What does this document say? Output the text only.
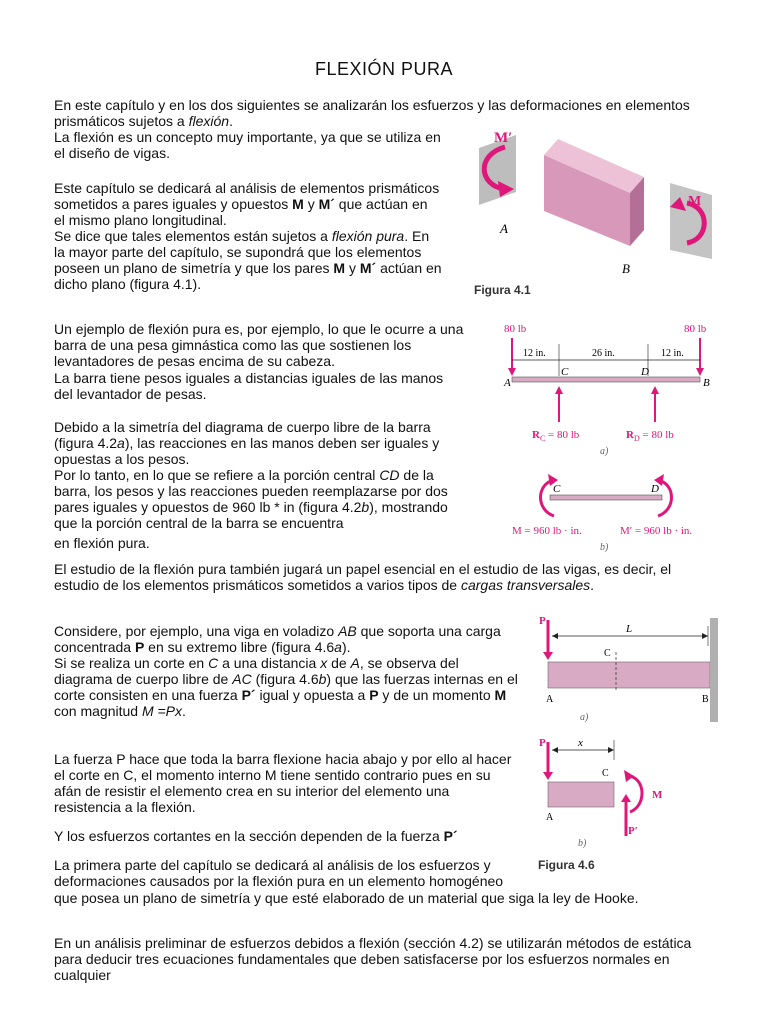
FLEXIÓN PURA

En este capítulo y en los dos siguientes se analizarán los esfuerzos y las deformaciones en elementos prismáticos sujetos a flexión.

La flexión es un concepto muy importante, ya que se utiliza en el diseño de vigas.

Este capítulo se dedicará al análisis de elementos prismáticos sometidos a pares iguales y opuestos M y M´ que actúan en el mismo plano longitudinal.

Se dice que tales elementos están sujetos a flexión pura. En la mayor parte del capítulo, se supondrá que los elementos poseen un plano de simetría y que los pares M y M´ actúan en dicho plano (figura 4.1).

Un ejemplo de flexión pura es, por ejemplo, lo que le ocurre a una barra de una pesa gimnástica como las que sostienen los levantadores de pesas encima de su cabeza.

La barra tiene pesos iguales a distancias iguales de las manos del levantador de pesas.

Debido a la simetría del diagrama de cuerpo libre de la barra (figura 4.2a), las reacciones en las manos deben ser iguales y opuestas a los pesos.

Por lo tanto, en lo que se refiere a la porción central CD de la barra, los pesos y las reacciones pueden reemplazarse por dos pares iguales y opuestos de 960 lb * in (figura 4.2b), mostrando que la porción central de la barra se encuentra

en flexión pura.

El estudio de la flexión pura también jugará un papel esencial en el estudio de las vigas, es decir, el estudio de los elementos prismáticos sometidos a varios tipos de cargas transversales.

Considere, por ejemplo, una viga en voladizo AB que soporta una carga concentrada P en su extremo libre (figura 4.6a).

Si se realiza un corte en C a una distancia x de A, se observa del diagrama de cuerpo libre de AC (figura 4.6b) que las fuerzas internas en el corte consisten en una fuerza P´ igual y opuesta a P y de un momento M con magnitud M =Px.

La fuerza P hace que toda la barra flexione hacia abajo y por ello al hacer el corte en C, el momento interno M tiene sentido contrario pues en su afán de resistir el elemento crea en su interior del elemento una resistencia a la flexión.

Y los esfuerzos cortantes en la sección dependen de la fuerza P´

La primera parte del capítulo se dedicará al análisis de los esfuerzos y deformaciones causados por la flexión pura en un elemento homogéneo

que posea un plano de simetría y que esté elaborado de un material que siga la ley de Hooke.

En un análisis preliminar de esfuerzos debidos a flexión (sección 4.2) se utilizarán métodos de estática para deducir tres ecuaciones fundamentales que deben satisfacerse por los esfuerzos normales en cualquier

M′
M
A
B
Figura 4.1
80 lb	80 lb
12 in.	26 in.	12 in.
A	B
C	D
$R_C = 80$ lb	$R_D = 80$ lb
a)
C	D
M = 960 lb · in.	M′ = 960 lb · in.
b)
P
L
C
A	B
a)
P	x
C
A
M
P′
b)
Figura 4.6
